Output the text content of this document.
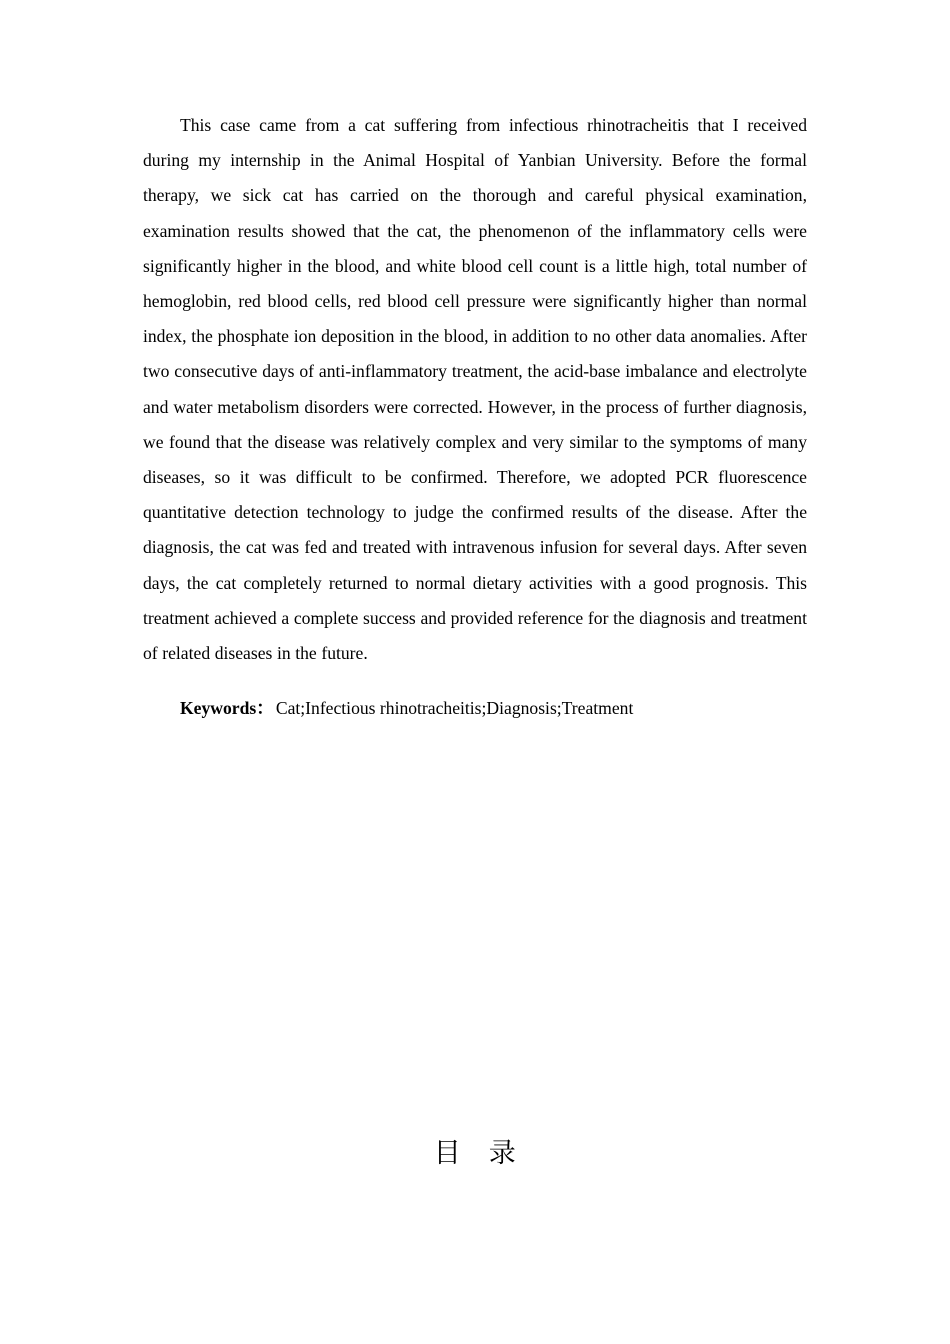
This case came from a cat suffering from infectious rhinotracheitis that I received during my internship in the Animal Hospital of Yanbian University. Before the formal therapy, we sick cat has carried on the thorough and careful physical examination, examination results showed that the cat, the phenomenon of the inflammatory cells were significantly higher in the blood, and white blood cell count is a little high, total number of hemoglobin, red blood cells, red blood cell pressure were significantly higher than normal index, the phosphate ion deposition in the blood, in addition to no other data anomalies. After two consecutive days of anti-inflammatory treatment, the acid-base imbalance and electrolyte and water metabolism disorders were corrected. However, in the process of further diagnosis, we found that the disease was relatively complex and very similar to the symptoms of many diseases, so it was difficult to be confirmed. Therefore, we adopted PCR fluorescence quantitative detection technology to judge the confirmed results of the disease. After the diagnosis, the cat was fed and treated with intravenous infusion for several days. After seven days, the cat completely returned to normal dietary activities with a good prognosis. This treatment achieved a complete success and provided reference for the diagnosis and treatment of related diseases in the future.

Keywords： Cat;Infectious rhinotracheitis;Diagnosis;Treatment

目　录
